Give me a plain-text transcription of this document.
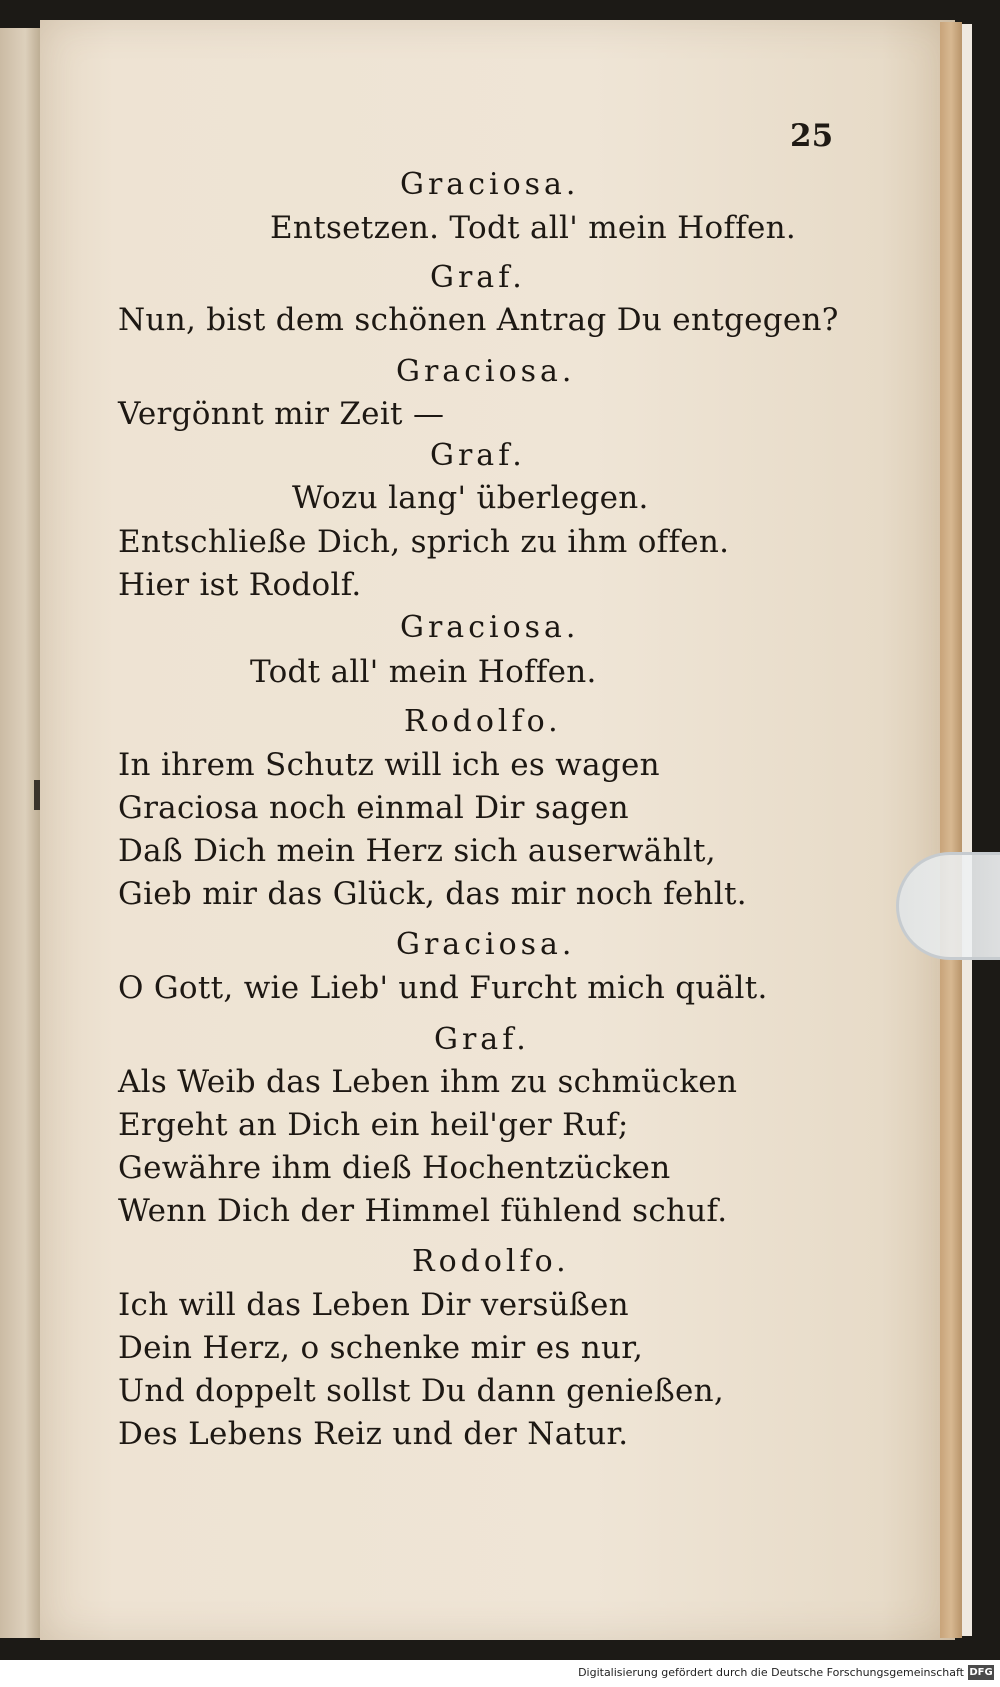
25
Graciosa.
Entsetzen. Todt all' mein Hoffen.
Graf.
Nun, bist dem schönen Antrag Du entgegen?
Graciosa.
Vergönnt mir Zeit —
Graf.
Wozu lang' überlegen.
Entschließe Dich, sprich zu ihm offen.
Hier ist Rodolf.
Graciosa.
Todt all' mein Hoffen.
Rodolfo.
In ihrem Schutz will ich es wagen
Graciosa noch einmal Dir sagen
Daß Dich mein Herz sich auserwählt,
Gieb mir das Glück, das mir noch fehlt.
Graciosa.
O Gott, wie Lieb' und Furcht mich quält.
Graf.
Als Weib das Leben ihm zu schmücken
Ergeht an Dich ein heil'ger Ruf;
Gewähre ihm dieß Hochentzücken
Wenn Dich der Himmel fühlend schuf.
Rodolfo.
Ich will das Leben Dir versüßen
Dein Herz, o schenke mir es nur,
Und doppelt sollst Du dann genießen,
Des Lebens Reiz und der Natur.
Digitalisierung gefördert durch die Deutsche Forschungsgemeinschaft DFG
